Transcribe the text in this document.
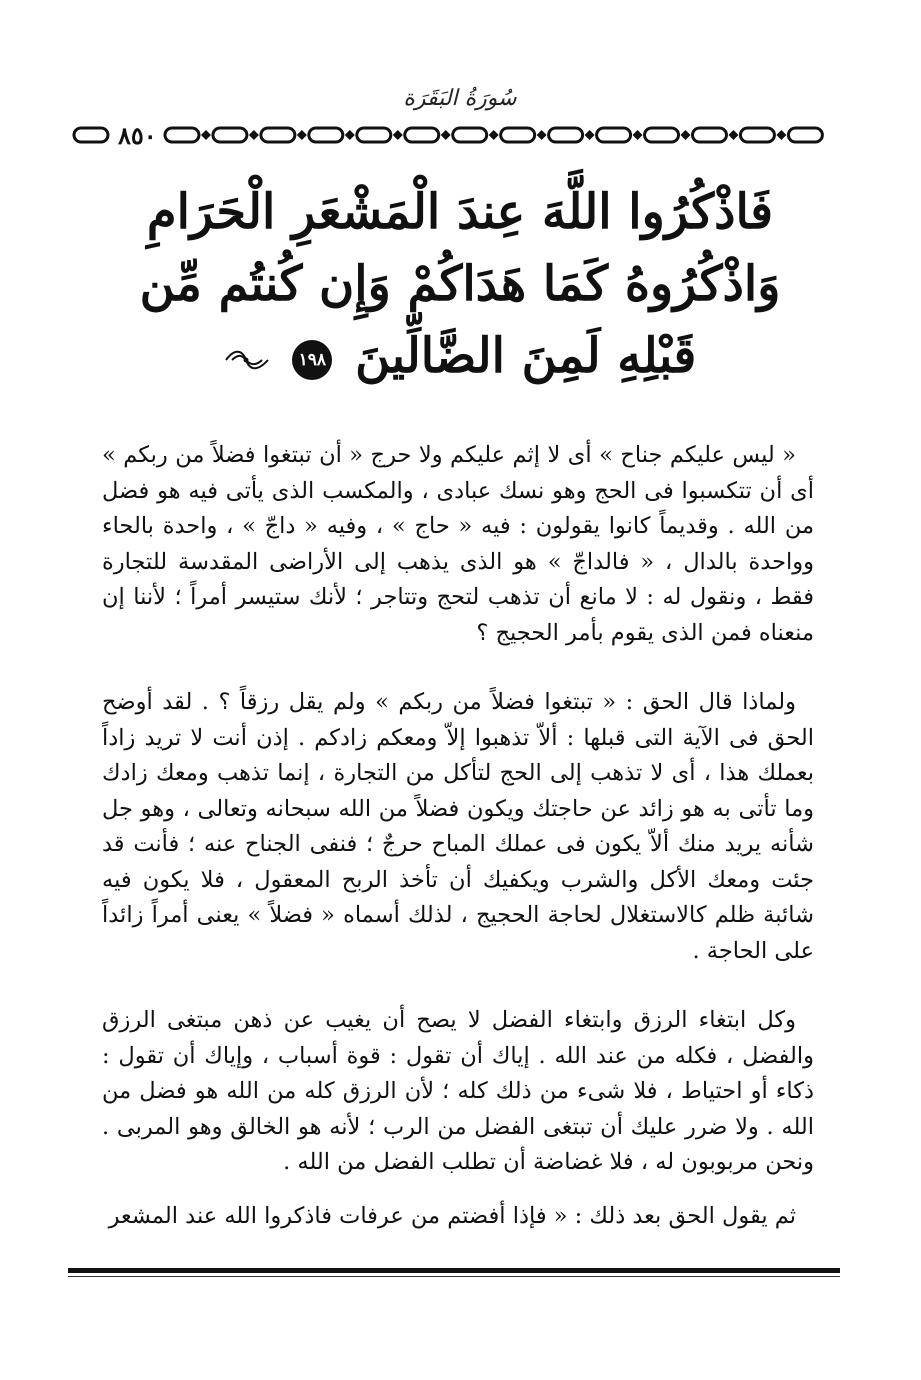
سُورَةُ البَقَرَة
٨٥٠
فَاذْكُرُوا اللَّهَ عِندَ الْمَشْعَرِ الْحَرَامِ
وَاذْكُرُوهُ كَمَا هَدَاكُمْ وَإِن كُنتُم مِّن
قَبْلِهِ لَمِنَ الضَّالِّينَ ١٩٨

« ليس عليكم جناح » أى لا إثم عليكم ولا حرج « أن تبتغوا فضلاً من ربكم » أى أن تتكسبوا فى الحج وهو نسك عبادى ، والمكسب الذى يأتى فيه هو فضل من الله . وقديماً كانوا يقولون : فيه « حاج » ، وفيه « داجّ » ، واحدة بالحاء وواحدة بالدال ، « فالداجّ » هو الذى يذهب إلى الأراضى المقدسة للتجارة فقط ، ونقول له : لا مانع أن تذهب لتحج وتتاجر ؛ لأنك ستيسر أمراً ؛ لأننا إن منعناه فمن الذى يقوم بأمر الحجيج ؟

ولماذا قال الحق : « تبتغوا فضلاً من ربكم » ولم يقل رزقاً ؟ . لقد أوضح الحق فى الآية التى قبلها : ألاّ تذهبوا إلاّ ومعكم زادكم . إذن أنت لا تريد زاداً بعملك هذا ، أى لا تذهب إلى الحج لتأكل من التجارة ، إنما تذهب ومعك زادك وما تأتى به هو زائد عن حاجتك ويكون فضلاً من الله سبحانه وتعالى ، وهو جل شأنه يريد منك ألاّ يكون فى عملك المباح حرجٌ ؛ فنفى الجناح عنه ؛ فأنت قد جئت ومعك الأكل والشرب ويكفيك أن تأخذ الربح المعقول ، فلا يكون فيه شائبة ظلم كالاستغلال لحاجة الحجيج ، لذلك أسماه « فضلاً » يعنى أمراً زائداً على الحاجة .

وكل ابتغاء الرزق وابتغاء الفضل لا يصح أن يغيب عن ذهن مبتغى الرزق والفضل ، فكله من عند الله . إياك أن تقول : قوة أسباب ، وإياك أن تقول : ذكاء أو احتياط ، فلا شىء من ذلك كله ؛ لأن الرزق كله من الله هو فضل من الله . ولا ضرر عليك أن تبتغى الفضل من الرب ؛ لأنه هو الخالق وهو المربى . ونحن مربوبون له ، فلا غضاضة أن تطلب الفضل من الله .

ثم يقول الحق بعد ذلك : « فإذا أفضتم من عرفات فاذكروا الله عند المشعر
